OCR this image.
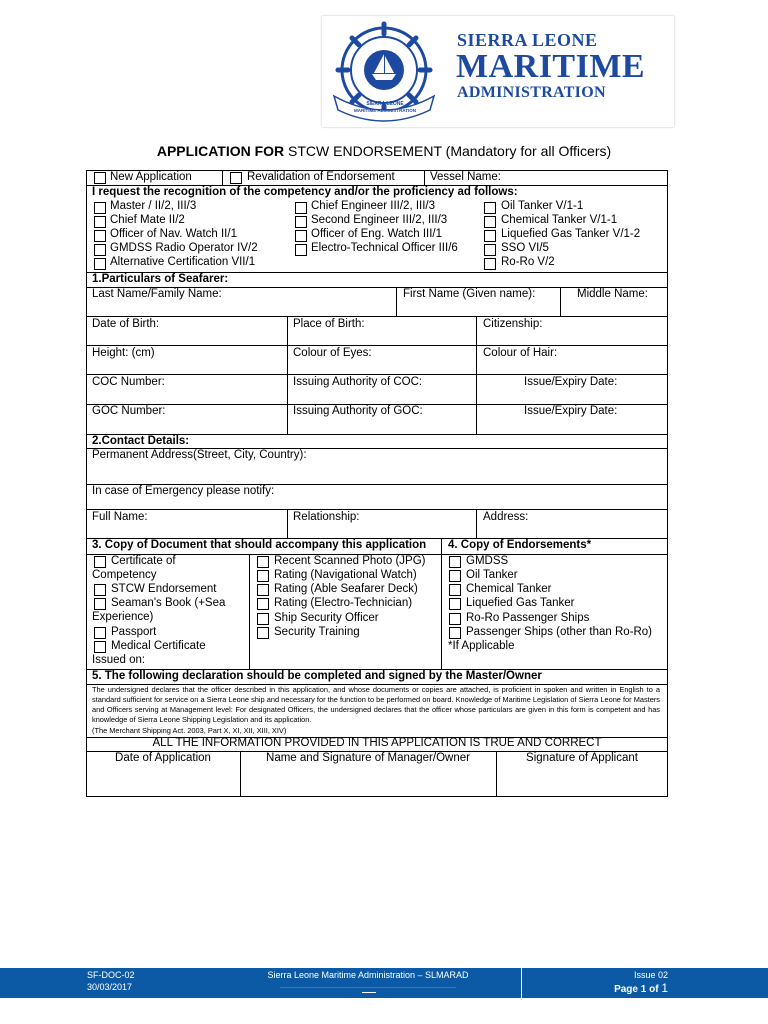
SIERRA LEONE
MARITIME ADMINISTRATION
SIERRA LEONE
MARITIME
ADMINISTRATION
APPLICATION FOR STCW ENDORSEMENT (Mandatory for all Officers)
New Application	Revalidation of Endorsement	Vessel Name:
I request the recognition of the competency and/or the proficiency ad follows:
Master / II/2, III/3
Chief Mate II/2
Officer of Nav. Watch II/1
GMDSS Radio Operator IV/2
Alternative Certification VII/1
Chief Engineer III/2, III/3
Second Engineer III/2, III/3
Officer of Eng. Watch III/1
Electro-Technical Officer III/6
Oil Tanker V/1-1
Chemical Tanker V/1-1
Liquefied Gas Tanker V/1-2
SSO VI/5
Ro-Ro V/2
1.Particulars of Seafarer:
Last Name/Family Name:	First Name (Given name):	Middle Name:
Date of Birth:	Place of Birth:	Citizenship:
Height: (cm)	Colour of Eyes:	Colour of Hair:
COC Number:	Issuing Authority of COC:	Issue/Expiry Date:
GOC Number:	Issuing Authority of GOC:	Issue/Expiry Date:
2.Contact Details:
Permanent Address(Street, City, Country):
In case of Emergency please notify:
Full Name:	Relationship:	Address:
3. Copy of Document that should accompany this application 4. Copy of Endorsements*
Certificate of
Competency
STCW Endorsement
Seaman's Book (+Sea
Experience)
Passport
Medical Certificate
Issued on:
Recent Scanned Photo (JPG)
Rating (Navigational Watch)
Rating (Able Seafarer Deck)
Rating (Electro-Technician)
Ship Security Officer
Security Training
GMDSS
Oil Tanker
Chemical Tanker
Liquefied Gas Tanker
Ro-Ro Passenger Ships
Passenger Ships (other than Ro-Ro)
*If Applicable
5. The following declaration should be completed and signed by the Master/Owner
The undersigned declares that the officer described in this application, and whose documents or copies are attached, is proficient in spoken and written in English to a standard sufficient for service on a Sierra Leone ship and necessary for the function to be performed on board. Knowledge of Maritime Legislation of Sierra Leone for Masters and Officers serving at Management level: For designated Officers, the undersigned declares that the officer whose particulars are given in this form is competent and has knowledge of Sierra Leone Shipping Legislation and its application.
(The Merchant Shipping Act. 2003, Part X, XI, XII, XIII, XIV)
ALL THE INFORMATION PROVIDED IN THIS APPLICATION IS TRUE AND CORRECT
Date of Application	Name and Signature of Manager/Owner	Signature of Applicant
SF-DOC-02
30/03/2017
Sierra Leone Maritime Administration – SLMARAD	Issue 02
Page 1 of 1
